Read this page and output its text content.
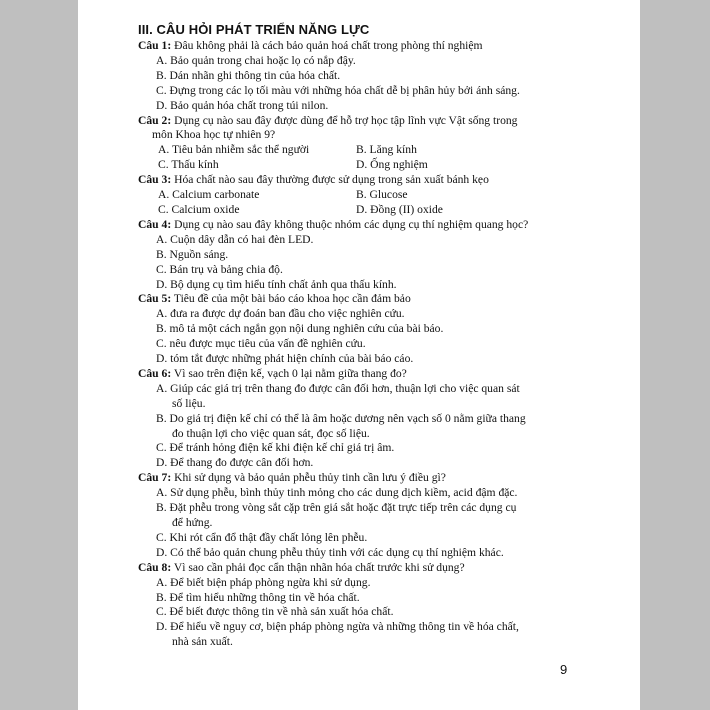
III. CÂU HỎI PHÁT TRIỂN NĂNG LỰC
Câu 1: Đâu không phải là cách bảo quản hoá chất trong phòng thí nghiệm
A. Bảo quản trong chai hoặc lọ có nắp đậy.
B. Dán nhãn ghi thông tin của hóa chất.
C. Đựng trong các lọ tối màu với những hóa chất dễ bị phân hủy bởi ánh sáng.
D. Bảo quản hóa chất trong túi nilon.
Câu 2: Dụng cụ nào sau đây được dùng để hỗ trợ học tập lĩnh vực Vật sống trong
môn Khoa học tự nhiên 9?
A. Tiêu bản nhiễm sắc thể người	B. Lăng kính
C. Thấu kính	D. Ống nghiệm
Câu 3: Hóa chất nào sau đây thường được sử dụng trong sản xuất bánh kẹo
A. Calcium carbonate	B. Glucose
C. Calcium oxide	D. Đồng (II) oxide
Câu 4: Dụng cụ nào sau đây không thuộc nhóm các dụng cụ thí nghiệm quang học?
A. Cuộn dây dẫn có hai đèn LED.
B. Nguồn sáng.
C. Bán trụ và bảng chia độ.
D. Bộ dụng cụ tìm hiểu tính chất ảnh qua thấu kính.
Câu 5: Tiêu đề của một bài báo cáo khoa học cần đảm bảo
A. đưa ra được dự đoán ban đầu cho việc nghiên cứu.
B. mô tả một cách ngắn gọn nội dung nghiên cứu của bài báo.
C. nêu được mục tiêu của vấn đề nghiên cứu.
D. tóm tắt được những phát hiện chính của bài báo cáo.
Câu 6: Vì sao trên điện kế, vạch 0 lại nằm giữa thang đo?
A. Giúp các giá trị trên thang đo được cân đối hơn, thuận lợi cho việc quan sát
số liệu.
B. Do giá trị điện kế chỉ có thể là âm hoặc dương nên vạch số 0 nằm giữa thang
đo thuận lợi cho việc quan sát, đọc số liệu.
C. Để tránh hỏng điện kế khi điện kế chỉ giá trị âm.
D. Để thang đo được cân đối hơn.
Câu 7: Khi sử dụng và bảo quản phễu thủy tinh cần lưu ý điều gì?
A. Sử dụng phễu, bình thủy tinh mỏng cho các dung dịch kiềm, acid đậm đặc.
B. Đặt phễu trong vòng sắt cặp trên giá sắt hoặc đặt trực tiếp trên các dụng cụ
để hứng.
C. Khi rót cẩn đổ thật đầy chất lỏng lên phễu.
D. Có thể bảo quản chung phễu thủy tinh với các dụng cụ thí nghiệm khác.
Câu 8: Vì sao cần phải đọc cẩn thận nhãn hóa chất trước khi sử dụng?
A. Để biết biện pháp phòng ngừa khi sử dụng.
B. Để tìm hiểu những thông tin về hóa chất.
C. Để biết được thông tin về nhà sản xuất hóa chất.
D. Để hiểu về nguy cơ, biện pháp phòng ngừa và những thông tin về hóa chất,
nhà sản xuất.
9
